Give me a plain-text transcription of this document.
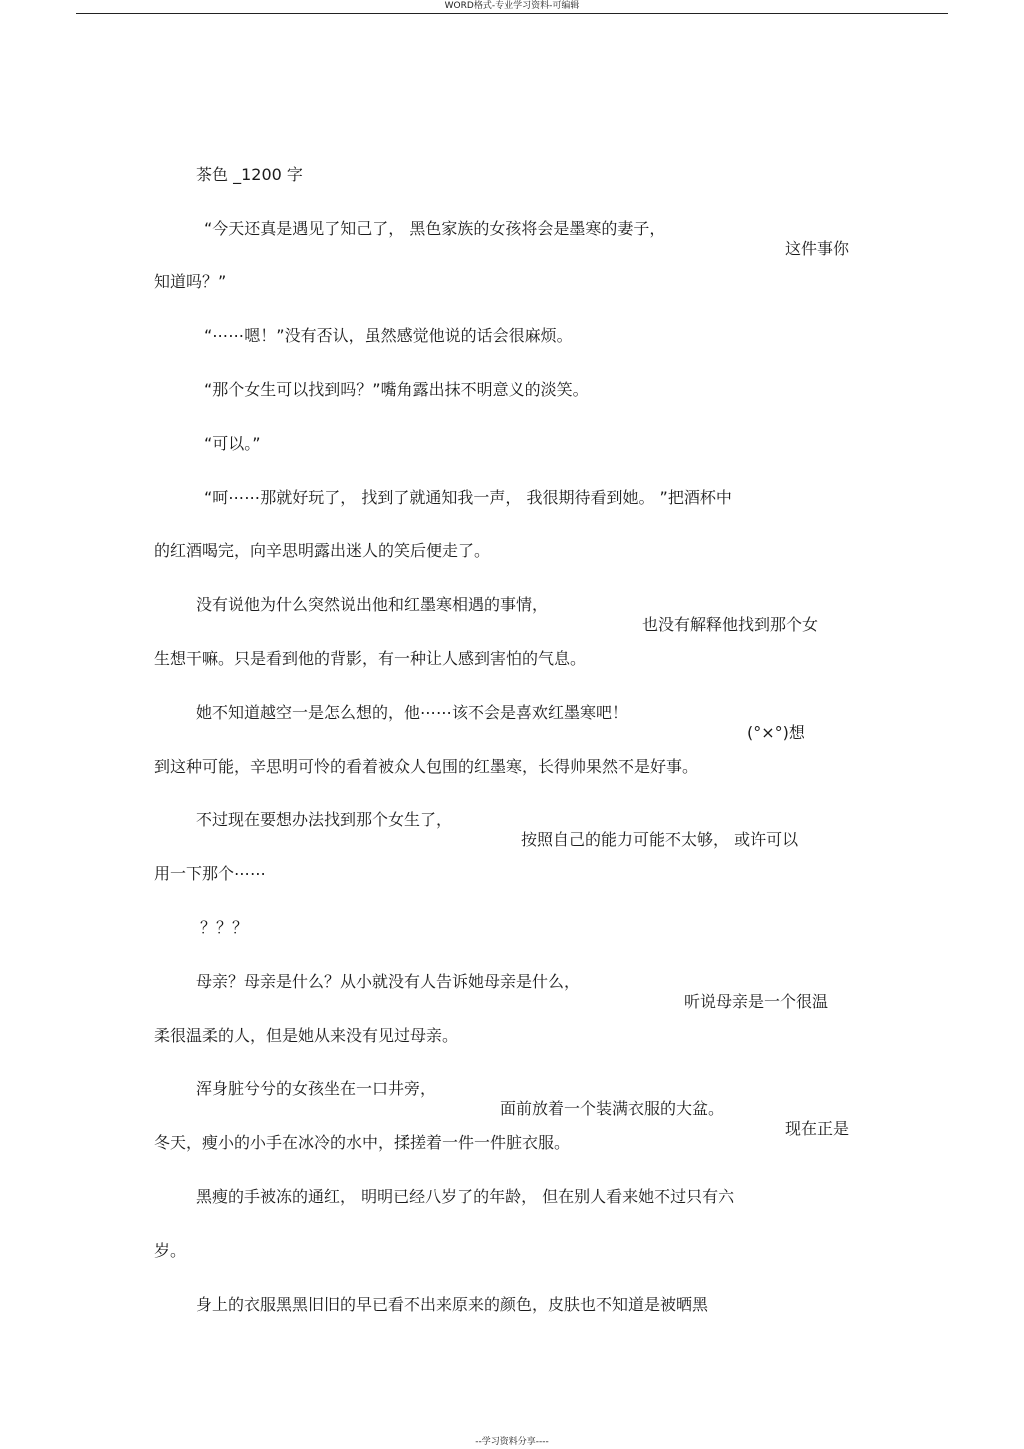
WORD格式-专业学习资料-可编辑

茶色 _1200 字

“今天还真是遇见了知己了， 黑色家族的女孩将会是墨寒的妻子，

这件事你

知道吗？”

“⋯⋯嗯！”没有否认，虽然感觉他说的话会很麻烦。

“那个女生可以找到吗？”嘴角露出抹不明意义的淡笑。

“可以。”

“呵⋯⋯那就好玩了， 找到了就通知我一声， 我很期待看到她。 ”把酒杯中

的红酒喝完，向辛思明露出迷人的笑后便走了。

没有说他为什么突然说出他和红墨寒相遇的事情，

也没有解释他找到那个女

生想干嘛。只是看到他的背影，有一种让人感到害怕的气息。

她不知道越空一是怎么想的，他⋯⋯该不会是喜欢红墨寒吧！

(°×°)想

到这种可能，辛思明可怜的看着被众人包围的红墨寒，长得帅果然不是好事。

不过现在要想办法找到那个女生了，

按照自己的能力可能不太够， 或许可以

用一下那个⋯⋯

？？？

母亲？母亲是什么？从小就没有人告诉她母亲是什么，

听说母亲是一个很温

柔很温柔的人，但是她从来没有见过母亲。

浑身脏兮兮的女孩坐在一口井旁，

面前放着一个装满衣服的大盆。

现在正是

冬天，瘦小的小手在冰冷的水中，揉搓着一件一件脏衣服。

黑瘦的手被冻的通红， 明明已经八岁了的年龄， 但在别人看来她不过只有六

岁。

身上的衣服黑黑旧旧的早已看不出来原来的颜色，皮肤也不知道是被晒黑

--学习资料分享----
